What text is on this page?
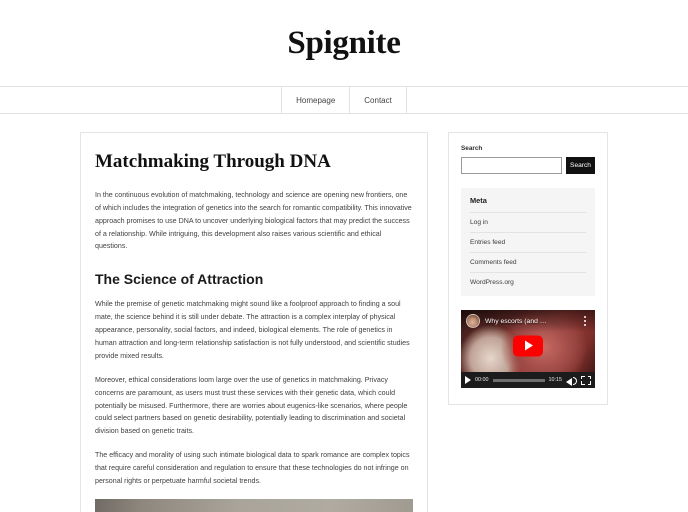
Spignite
Homepage	Contact
Matchmaking Through DNA

In the continuous evolution of matchmaking, technology and science are opening new frontiers, one of which includes the integration of genetics into the search for romantic compatibility. This innovative approach promises to use DNA to uncover underlying biological factors that may predict the success of a relationship. While intriguing, this development also raises various scientific and ethical questions.

The Science of Attraction

While the premise of genetic matchmaking might sound like a foolproof approach to finding a soul mate, the science behind it is still under debate. The attraction is a complex interplay of physical appearance, personality, social factors, and indeed, biological elements. The role of genetics in human attraction and long-term relationship satisfaction is not fully understood, and scientific studies provide mixed results.

Moreover, ethical considerations loom large over the use of genetics in matchmaking. Privacy concerns are paramount, as users must trust these services with their genetic data, which could potentially be misused. Furthermore, there are worries about eugenics-like scenarios, where people could select partners based on genetic desirability, potentially leading to discrimination and societal division based on genetic traits.

The efficacy and morality of using such intimate biological data to spark romance are complex topics that require careful consideration and regulation to ensure that these technologies do not infringe on personal rights or perpetuate harmful societal trends.

Search
Search
Meta
Log in
Entries feed
Comments feed
WordPress.org
Why escorts (and …
00:00	10:15
